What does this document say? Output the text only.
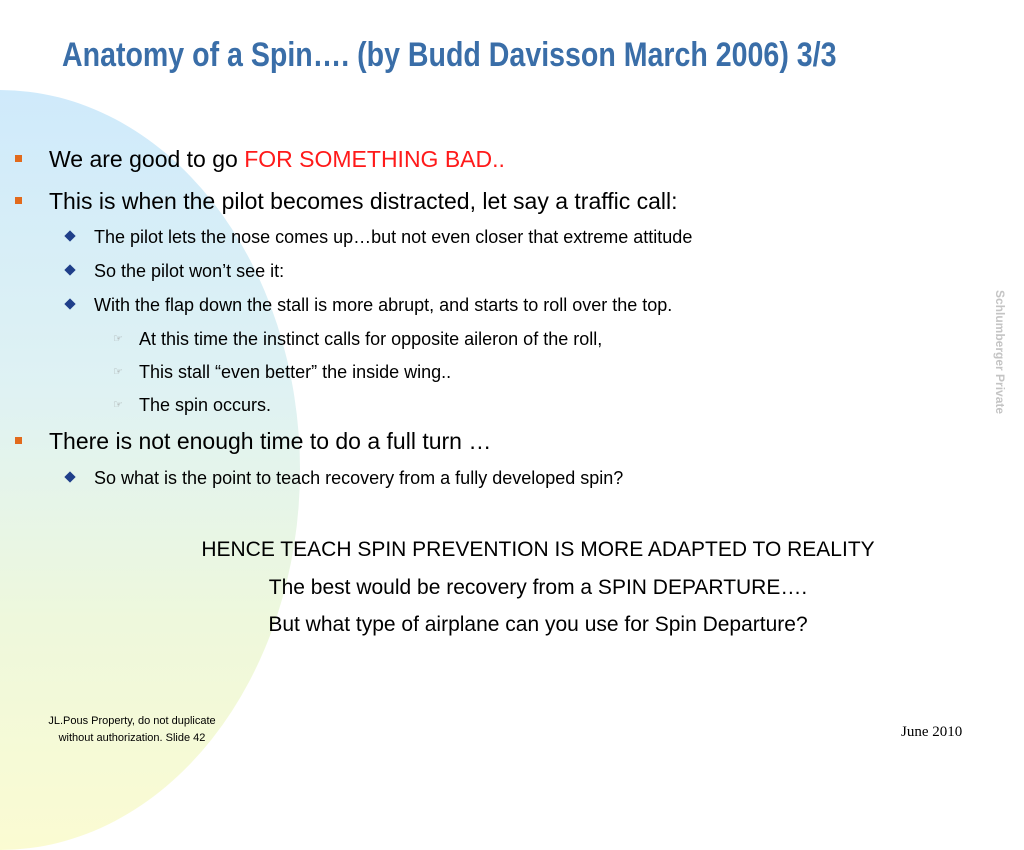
Anatomy of a Spin…. (by Budd Davisson March 2006) 3/3
We are good to go FOR SOMETHING BAD..
This is when the pilot becomes distracted, let say a traffic call:
The pilot lets the nose comes up…but not even closer that extreme attitude
So the pilot won’t see it:
With the flap down the stall is more abrupt, and starts to roll over the top.
☞ At this time the instinct calls for opposite aileron of the roll,
☞ This stall “even better” the inside wing..
☞ The spin occurs.
There is not enough time to do a full turn …
So what is the point to teach recovery from a fully developed spin?
HENCE TEACH SPIN PREVENTION IS MORE ADAPTED TO REALITY
The best would be recovery from a SPIN DEPARTURE….
But what type of airplane can you use for Spin Departure?
Schlumberger Private
JL.Pous Property, do not duplicate
without authorization. Slide 42	June 2010
